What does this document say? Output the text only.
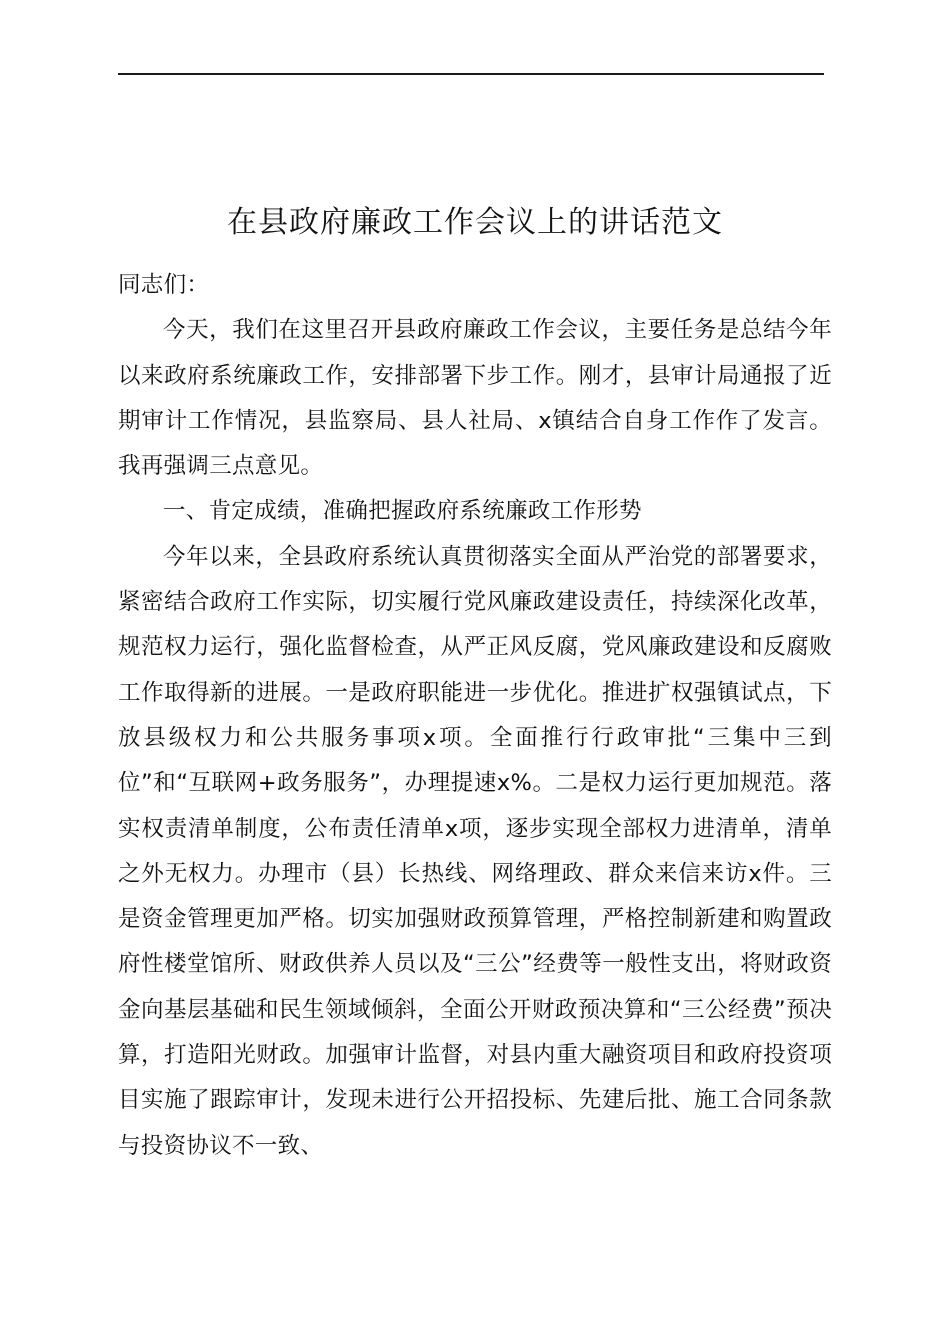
在县政府廉政工作会议上的讲话范文

同志们：

今天，我们在这里召开县政府廉政工作会议，主要任务是总结今年以来政府系统廉政工作，安排部署下步工作。刚才，县审计局通报了近期审计工作情况，县监察局、县人社局、x镇结合自身工作作了发言。我再强调三点意见。

一、肯定成绩，准确把握政府系统廉政工作形势

今年以来，全县政府系统认真贯彻落实全面从严治党的部署要求，紧密结合政府工作实际，切实履行党风廉政建设责任，持续深化改革，规范权力运行，强化监督检查，从严正风反腐，党风廉政建设和反腐败工作取得新的进展。一是政府职能进一步优化。推进扩权强镇试点，下放县级权力和公共服务事项x项。全面推行行政审批“三集中三到位”和“互联网+政务服务”，办理提速x%。二是权力运行更加规范。落实权责清单制度，公布责任清单x项，逐步实现全部权力进清单，清单之外无权力。办理市（县）长热线、网络理政、群众来信来访x件。三是资金管理更加严格。切实加强财政预算管理，严格控制新建和购置政府性楼堂馆所、财政供养人员以及“三公”经费等一般性支出，将财政资金向基层基础和民生领域倾斜，全面公开财政预决算和“三公经费”预决算，打造阳光财政。加强审计监督，对县内重大融资项目和政府投资项目实施了跟踪审计，发现未进行公开招投标、先建后批、施工合同条款与投资协议不一致、
